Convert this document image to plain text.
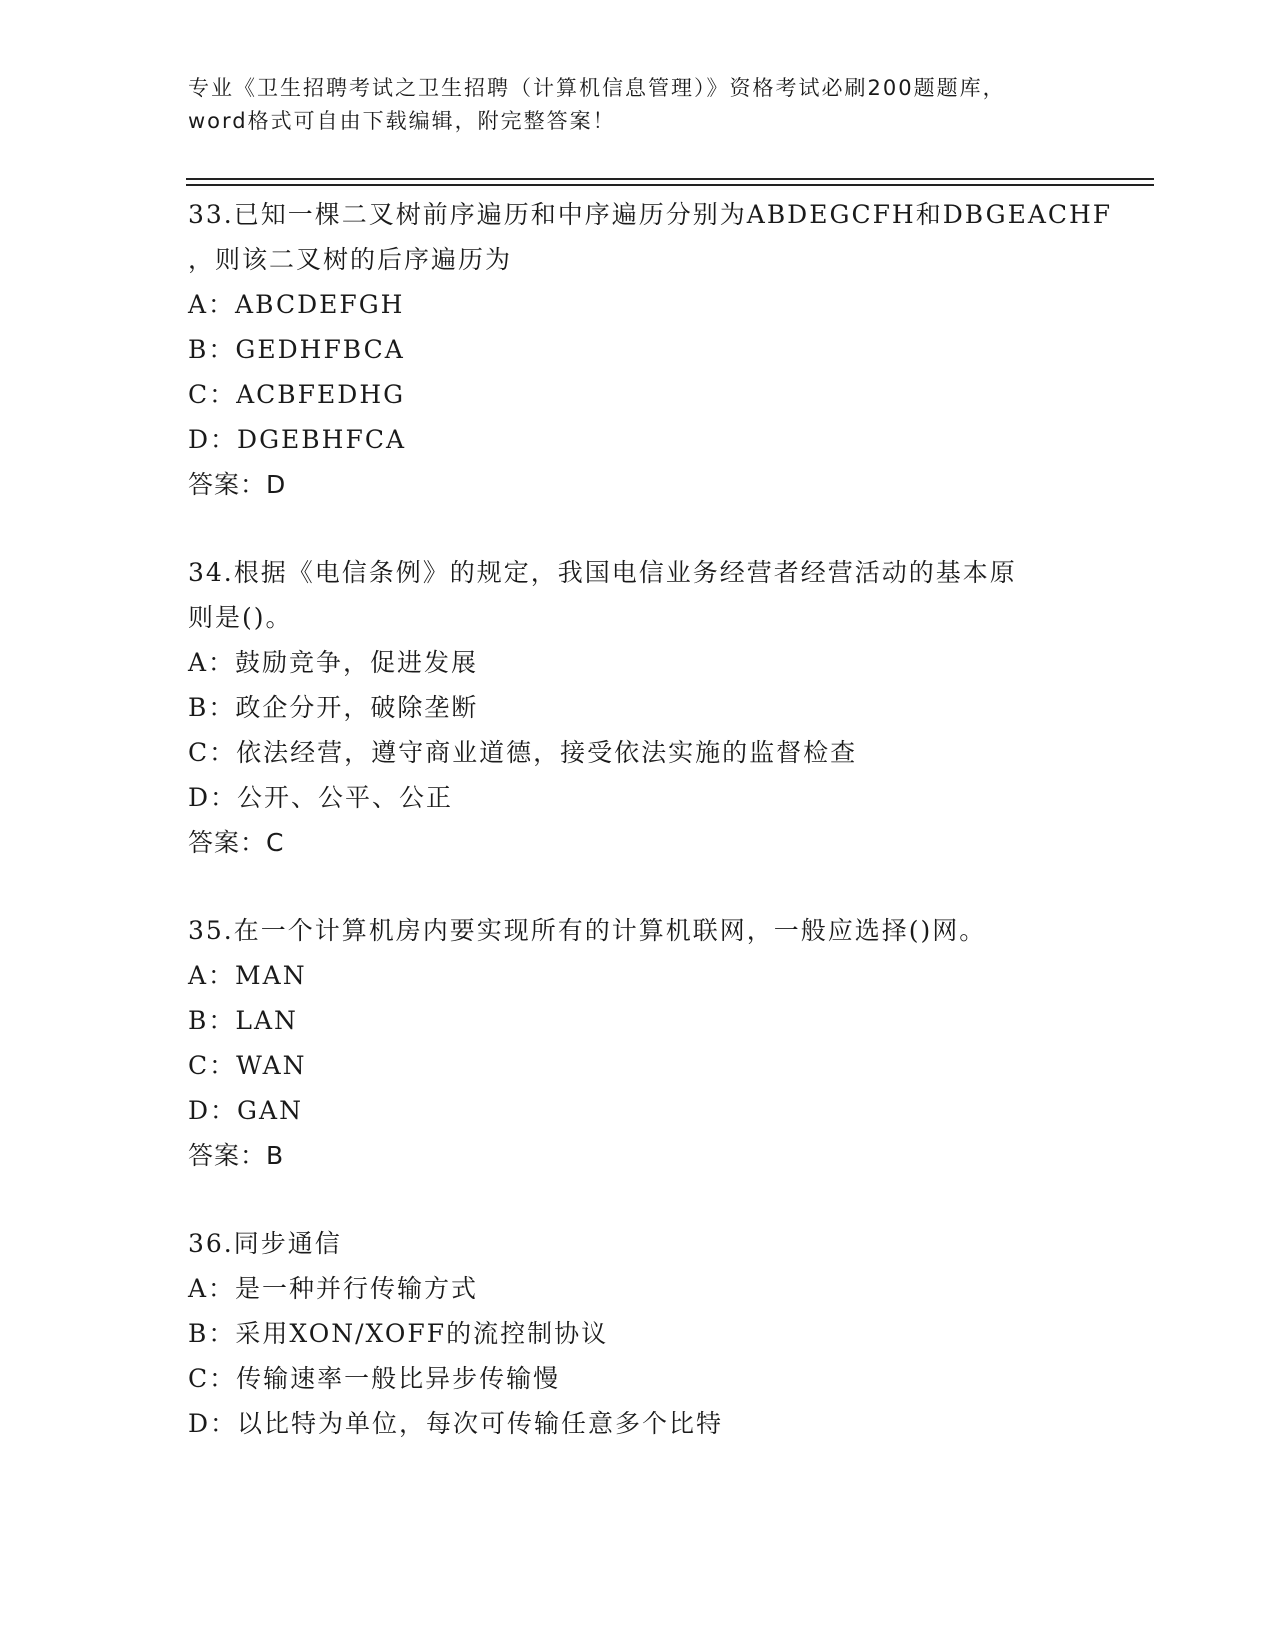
专业《卫生招聘考试之卫生招聘（计算机信息管理）》资格考试必刷200题题库，
word格式可自由下载编辑，附完整答案！
33.已知一棵二叉树前序遍历和中序遍历分别为ABDEGCFH和DBGEACHF
，则该二叉树的后序遍历为
A：ABCDEFGH
B：GEDHFBCA
C：ACBFEDHG
D：DGEBHFCA
答案：D
34.根据《电信条例》的规定，我国电信业务经营者经营活动的基本原
则是()。
A：鼓励竞争，促进发展
B：政企分开，破除垄断
C：依法经营，遵守商业道德，接受依法实施的监督检查
D：公开、公平、公正
答案：C
35.在一个计算机房内要实现所有的计算机联网，一般应选择()网。
A：MAN
B：LAN
C：WAN
D：GAN
答案：B
36.同步通信
A：是一种并行传输方式
B：采用XON/XOFF的流控制协议
C：传输速率一般比异步传输慢
D：以比特为单位，每次可传输任意多个比特
